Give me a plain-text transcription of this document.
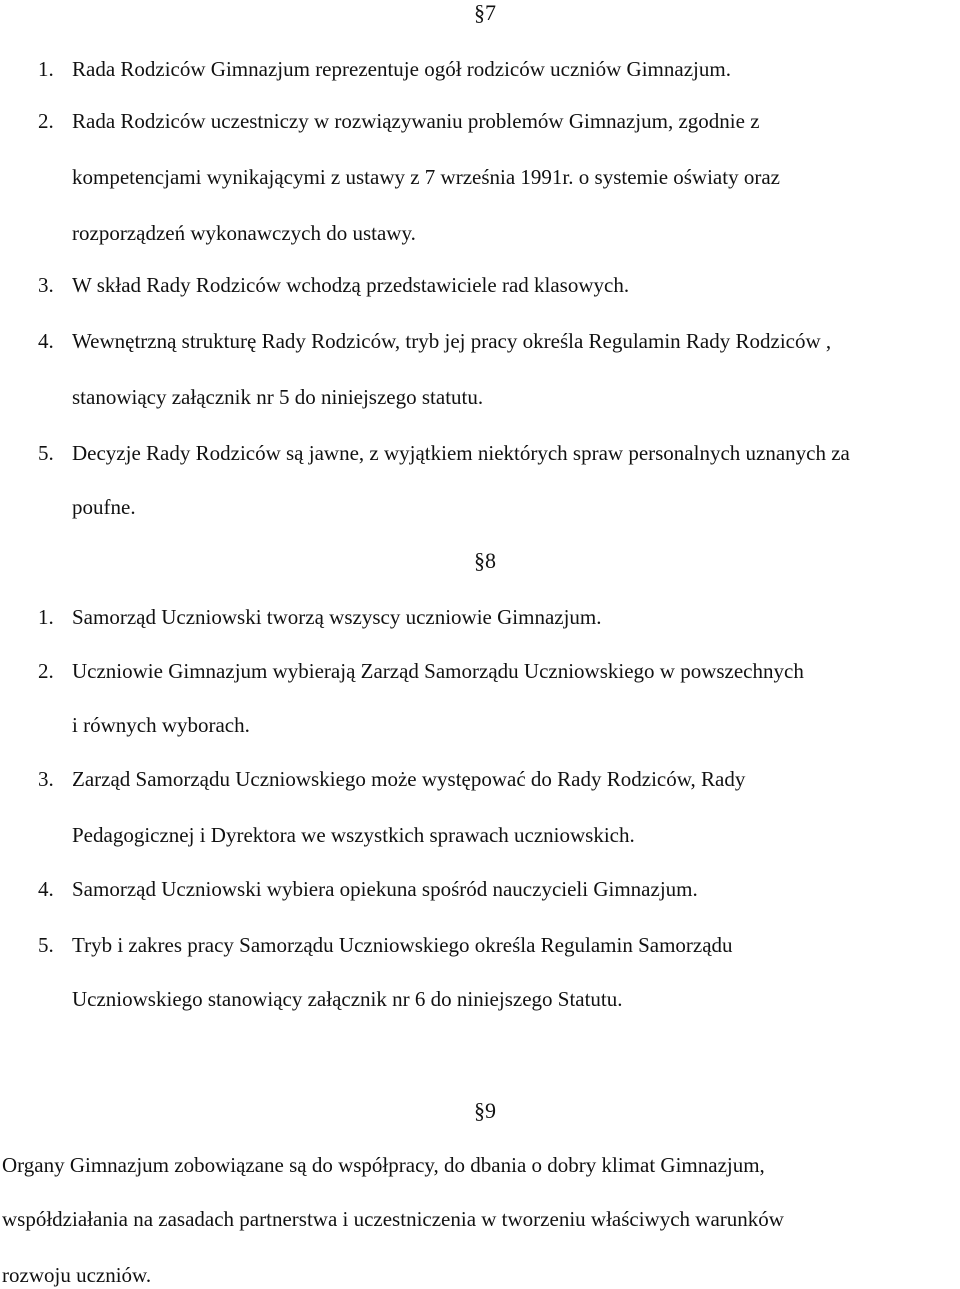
§7
1. Rada Rodziców Gimnazjum reprezentuje ogół rodziców uczniów Gimnazjum.
2. Rada Rodziców uczestniczy w rozwiązywaniu problemów Gimnazjum, zgodnie z
kompetencjami wynikającymi z ustawy z 7 września 1991r. o systemie oświaty oraz
rozporządzeń wykonawczych do ustawy.
3. W skład Rady Rodziców wchodzą przedstawiciele rad klasowych.
4. Wewnętrzną strukturę Rady Rodziców, tryb jej pracy określa Regulamin Rady Rodziców ,
stanowiący załącznik nr 5 do niniejszego statutu.
5. Decyzje Rady Rodziców są jawne, z wyjątkiem niektórych spraw personalnych uznanych za
poufne.
§8
1. Samorząd Uczniowski tworzą wszyscy uczniowie Gimnazjum.
2. Uczniowie Gimnazjum wybierają Zarząd Samorządu Uczniowskiego w powszechnych
i równych wyborach.
3. Zarząd Samorządu Uczniowskiego może występować do Rady Rodziców, Rady
Pedagogicznej i Dyrektora we wszystkich sprawach uczniowskich.
4. Samorząd Uczniowski wybiera opiekuna spośród nauczycieli Gimnazjum.
5. Tryb i zakres pracy Samorządu Uczniowskiego określa Regulamin Samorządu
Uczniowskiego stanowiący załącznik nr 6 do niniejszego Statutu.
§9
Organy Gimnazjum zobowiązane są do współpracy, do dbania o dobry klimat Gimnazjum,
współdziałania na zasadach partnerstwa i uczestniczenia w tworzeniu właściwych warunków
rozwoju uczniów.
